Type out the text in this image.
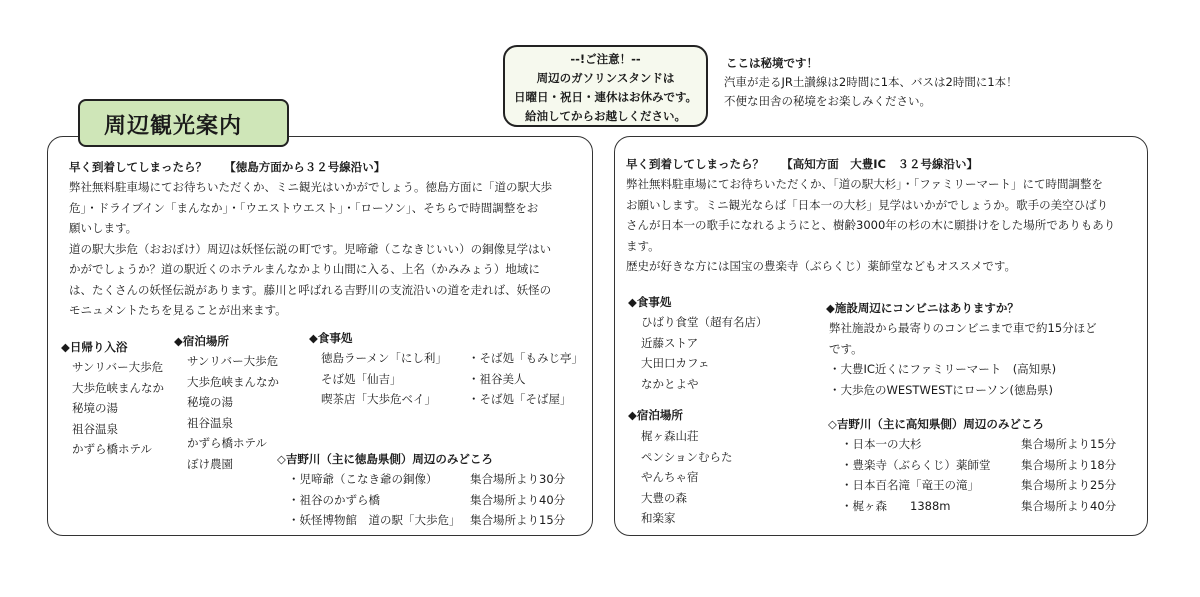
--!ご注意！--
周辺のガソリンスタンドは
日曜日・祝日・連休はお休みです。
給油してからお越しください。
ここは秘境です！
汽車が走るJR土讃線は2時間に1本、バスは2時間に1本！
不便な田舎の秘境をお楽しみください。
周辺観光案内
早く到着してしまったら？　　【徳島方面から３２号線沿い】
弊社無料駐車場にてお待ちいただくか、ミニ観光はいかがでしょう。徳島方面に「道の駅大歩
危」・ドライブイン「まんなか」・「ウエストウエスト」・「ローソン」、そちらで時間調整をお
願いします。
道の駅大歩危（おおぼけ）周辺は妖怪伝説の町です。児啼爺（こなきじいい）の銅像見学はい
かがでしょうか？道の駅近くのホテルまんなかより山間に入る、上名（かみみょう）地域に
は、たくさんの妖怪伝説があります。藤川と呼ばれる吉野川の支流沿いの道を走れば、妖怪の
モニュメントたちを見ることが出来ます。
◆日帰り入浴
サンリバー大歩危
大歩危峡まんなか
秘境の湯
祖谷温泉
かずら橋ホテル
◆宿泊場所
サンリバー大歩危
大歩危峡まんなか
秘境の湯
祖谷温泉
かずら橋ホテル
ぼけ農園
◆食事処
徳島ラーメン「にし利」
そば処「仙吉」
喫茶店「大歩危ベイ」
・そば処「もみじ亭」
・祖谷美人
・そば処「そば屋」
◇吉野川（主に徳島県側）周辺のみどころ
・児啼爺（こなき爺の銅像）	集合場所より30分
・祖谷のかずら橋	集合場所より40分
・妖怪博物館　道の駅「大歩危」 集合場所より15分
早く到着してしまったら？　　【高知方面　大豊IC　３２号線沿い】
弊社無料駐車場にてお待ちいただくか、「道の駅大杉」・「ファミリーマート」にて時間調整を
お願いします。ミニ観光ならば「日本一の大杉」見学はいかがでしょうか。歌手の美空ひばり
さんが日本一の歌手になれるようにと、樹齢3000年の杉の木に願掛けをした場所でありもあり
ます。
歴史が好きな方には国宝の豊楽寺（ぶらくじ）薬師堂などもオススメです。
◆食事処
ひばり食堂（超有名店）
近藤ストア
大田口カフェ
なかとよや
◆宿泊場所
梶ヶ森山荘
ペンションむらた
やんちゃ宿
大豊の森
和楽家
◆施設周辺にコンビニはありますか？
弊社施設から最寄りのコンビニまで車で約15分ほど
です。
・大豊IC近くにファミリーマート　(高知県)
・大歩危のWESTWESTにローソン(徳島県)
◇吉野川（主に高知県側）周辺のみどころ
・日本一の大杉	集合場所より15分
・豊楽寺（ぶらくじ）薬師堂	集合場所より18分
・日本百名滝「竜王の滝」	集合場所より25分
・梶ヶ森　　1388m	集合場所より40分
